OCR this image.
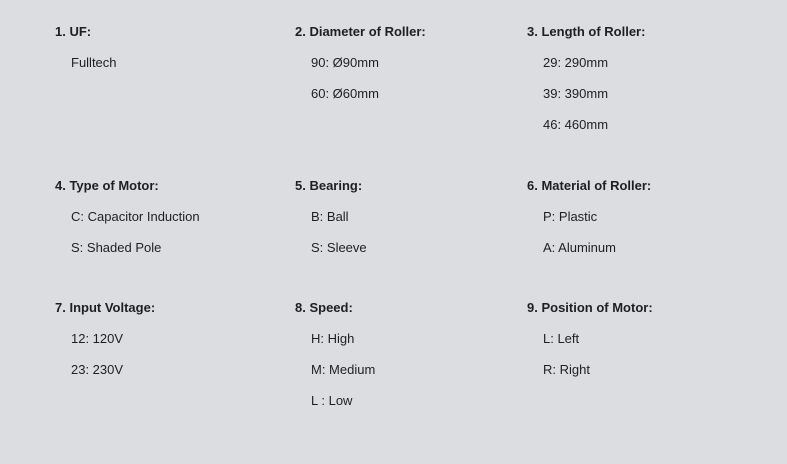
1. UF:

Fulltech

2. Diameter of Roller:

90: Ø90mm
60: Ø60mm

3. Length of Roller:

29: 290mm
39: 390mm
46: 460mm

4. Type of Motor:

C: Capacitor Induction
S: Shaded Pole

5. Bearing:

B: Ball
S: Sleeve

6. Material of Roller:

P: Plastic
A: Aluminum

7. Input Voltage:

12: 120V
23: 230V

8. Speed:

H: High
M: Medium
L : Low

9. Position of Motor:

L: Left
R: Right
